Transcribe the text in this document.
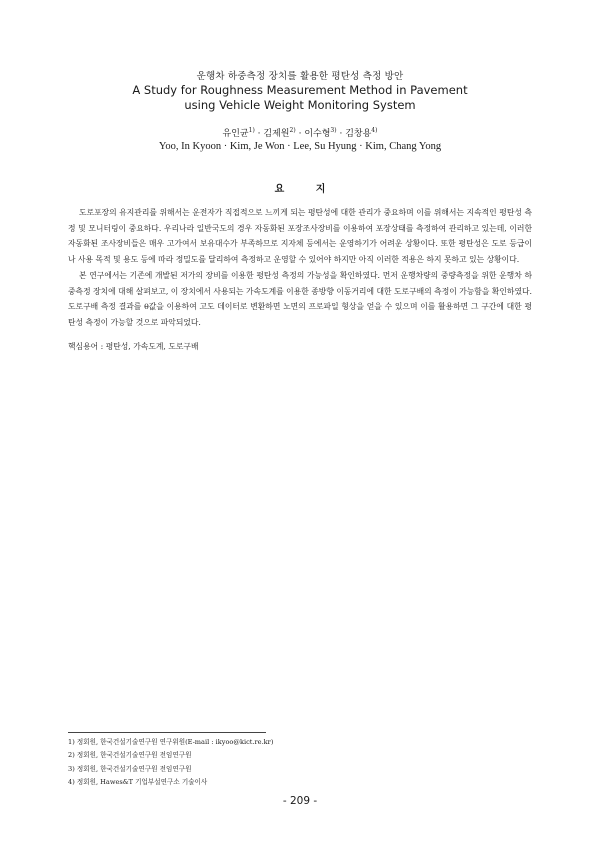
운행차 하중측정 장치를 활용한 평탄성 측정 방안
A Study for Roughness Measurement Method in Pavement
using Vehicle Weight Monitoring System
유인균$^{1)}$ · 김제원$^{2)}$ · 이수형$^{3)}$ · 김창용$^{4)}$
Yoo, In Kyoon · Kim, Je Won · Lee, Su Hyung · Kim, Chang Yong
요 지

도로포장의 유지관리를 위해서는 운전자가 직접적으로 느끼게 되는 평탄성에 대한 관리가 중요하며 이를 위해서는 지속적인 평탄성 측정 및 모니터링이 중요하다. 우리나라 일반국도의 경우 자동화된 포장조사장비를 이용하여 포장상태를 측정하여 관리하고 있는데, 이러한 자동화된 조사장비들은 매우 고가여서 보유대수가 부족하므로 지자체 등에서는 운영하기가 어려운 상황이다. 또한 평탄성은 도로 등급이나 사용 목적 및 용도 등에 따라 정밀도를 달리하여 측정하고 운영할 수 있어야 하지만 아직 이러한 적용은 하지 못하고 있는 상황이다.

본 연구에서는 기존에 개발된 저가의 장비를 이용한 평탄성 측정의 가능성을 확인하였다. 먼저 운행차량의 중량측정을 위한 운행차 하중측정 장치에 대해 살펴보고, 이 장치에서 사용되는 가속도계를 이용한 종방향 이동거리에 대한 도로구배의 측정이 가능함을 확인하였다. 도로구배 측정 결과를 θ값을 이용하여 고도 데이터로 변환하면 노면의 프로파일 형상을 얻을 수 있으며 이를 활용하면 그 구간에 대한 평탄성 측정이 가능할 것으로 파악되었다.

핵심용어 : 평탄성, 가속도계, 도로구배
1) 정회원, 한국건설기술연구원 연구위원(E-mail : ikyoo@kict.re.kr)
2) 정회원, 한국건설기술연구원 전임연구원
3) 정회원, 한국건설기술연구원 전임연구원
4) 정회원, Hawes&T 기업부설연구소 기술이사
- 209 -
